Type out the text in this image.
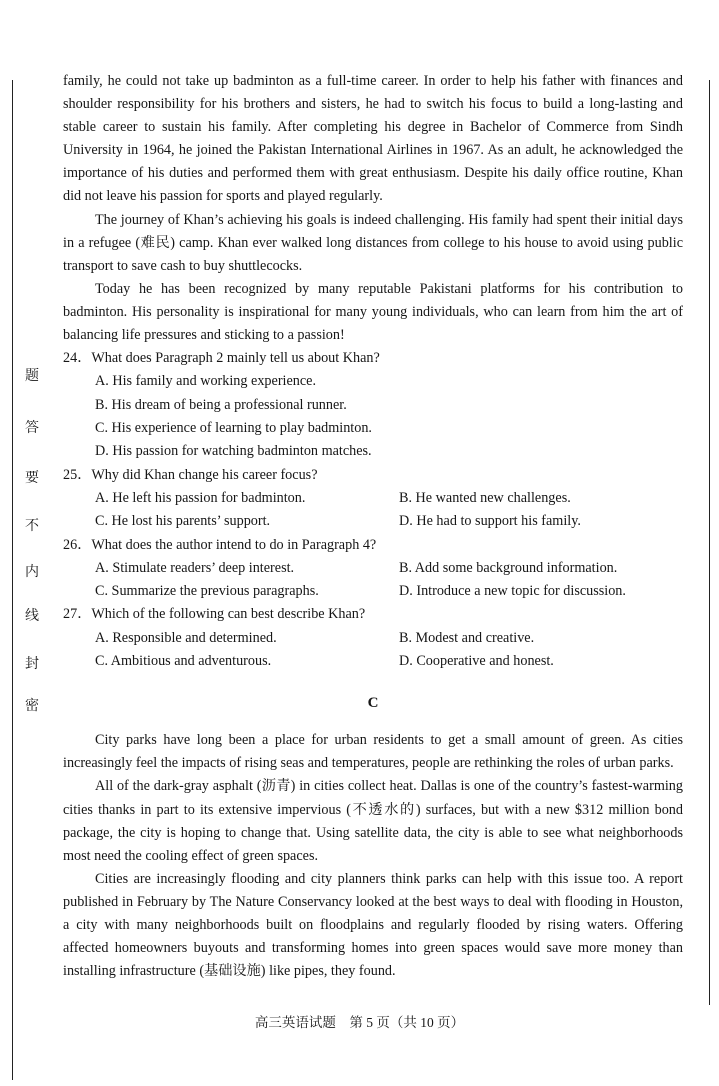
题
答
要
不
内
线
封
密

family, he could not take up badminton as a full-time career. In order to help his father with finances and shoulder responsibility for his brothers and sisters, he had to switch his focus to build a long-lasting and stable career to sustain his family. After completing his degree in Bachelor of Commerce from Sindh University in 1964, he joined the Pakistan International Airlines in 1967. As an adult, he acknowledged the importance of his duties and performed them with great enthusiasm. Despite his daily office routine, Khan did not leave his passion for sports and played regularly.

The journey of Khan’s achieving his goals is indeed challenging. His family had spent their initial days in a refugee (难民) camp. Khan ever walked long distances from college to his house to avoid using public transport to save cash to buy shuttlecocks.

Today he has been recognized by many reputable Pakistani platforms for his contribution to badminton. His personality is inspirational for many young individuals, who can learn from him the art of balancing life pressures and sticking to a passion!

24．What does Paragraph 2 mainly tell us about Khan?
A. His family and working experience.
B. His dream of being a professional runner.
C. His experience of learning to play badminton.
D. His passion for watching badminton matches.
25．Why did Khan change his career focus?
A. He left his passion for badminton.	B. He wanted new challenges.
C. He lost his parents’ support.	D. He had to support his family.
26．What does the author intend to do in Paragraph 4?
A. Stimulate readers’ deep interest.	B. Add some background information.
C. Summarize the previous paragraphs.	D. Introduce a new topic for discussion.
27．Which of the following can best describe Khan?
A. Responsible and determined.	B. Modest and creative.
C. Ambitious and adventurous.	D. Cooperative and honest.
C

City parks have long been a place for urban residents to get a small amount of green. As cities increasingly feel the impacts of rising seas and temperatures, people are rethinking the roles of urban parks.

All of the dark-gray asphalt (沥青) in cities collect heat. Dallas is one of the country’s fastest-warming cities thanks in part to its extensive impervious (不透水的) surfaces, but with a new $312 million bond package, the city is hoping to change that. Using satellite data, the city is able to see what neighborhoods most need the cooling effect of green spaces.

Cities are increasingly flooding and city planners think parks can help with this issue too. A report published in February by The Nature Conservancy looked at the best ways to deal with flooding in Houston, a city with many neighborhoods built on floodplains and regularly flooded by rising waters. Offering affected homeowners buyouts and transforming homes into green spaces would save more money than installing infrastructure (基础设施) like pipes, they found.

高三英语试题　第 5 页（共 10 页）
